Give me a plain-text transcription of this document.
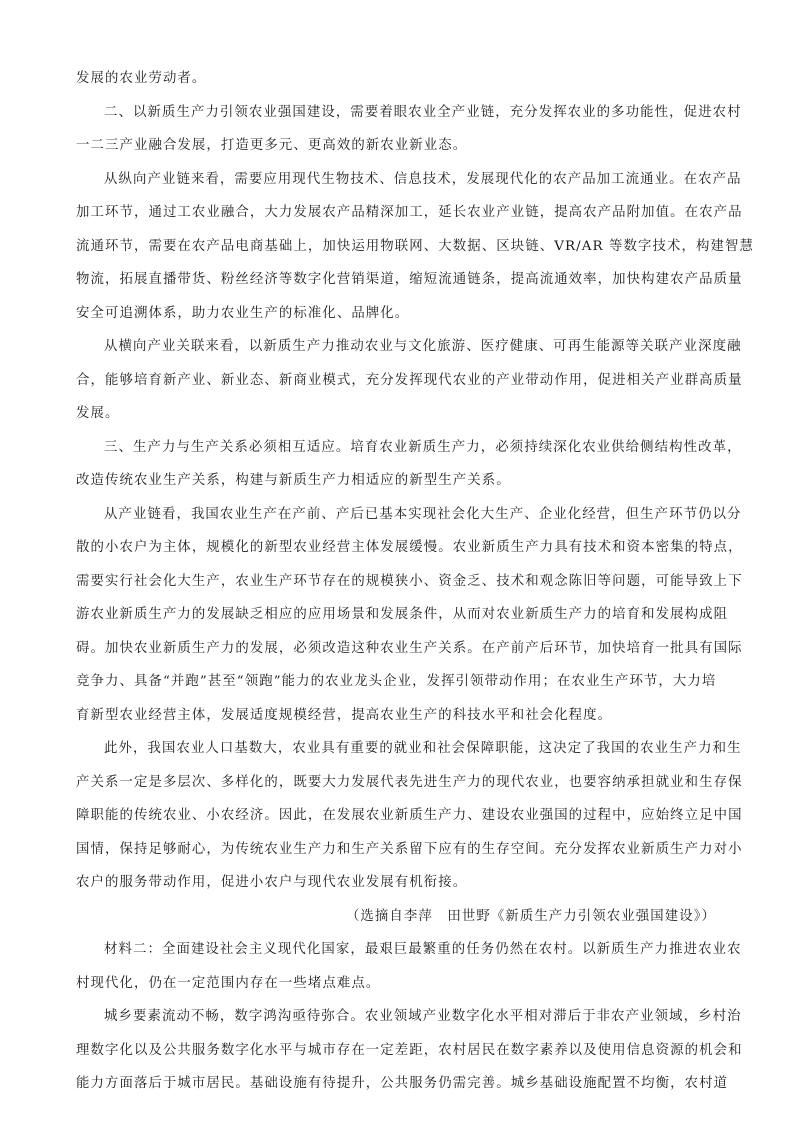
发展的农业劳动者。
二、以新质生产力引领农业强国建设，需要着眼农业全产业链，充分发挥农业的多功能性，促进农村
一二三产业融合发展，打造更多元、更高效的新农业新业态。
从纵向产业链来看，需要应用现代生物技术、信息技术，发展现代化的农产品加工流通业。在农产品
加工环节，通过工农业融合，大力发展农产品精深加工，延长农业产业链，提高农产品附加值。在农产品
流通环节，需要在农产品电商基础上，加快运用物联网、大数据、区块链、VR/AR 等数字技术，构建智慧
物流，拓展直播带货、粉丝经济等数字化营销渠道，缩短流通链条，提高流通效率，加快构建农产品质量
安全可追溯体系，助力农业生产的标准化、品牌化。
从横向产业关联来看，以新质生产力推动农业与文化旅游、医疗健康、可再生能源等关联产业深度融
合，能够培育新产业、新业态、新商业模式，充分发挥现代农业的产业带动作用，促进相关产业群高质量
发展。
三、生产力与生产关系必须相互适应。培育农业新质生产力，必须持续深化农业供给侧结构性改革，
改造传统农业生产关系，构建与新质生产力相适应的新型生产关系。
从产业链看，我国农业生产在产前、产后已基本实现社会化大生产、企业化经营，但生产环节仍以分
散的小农户为主体，规模化的新型农业经营主体发展缓慢。农业新质生产力具有技术和资本密集的特点，
需要实行社会化大生产，农业生产环节存在的规模狭小、资金乏、技术和观念陈旧等问题，可能导致上下
游农业新质生产力的发展缺乏相应的应用场景和发展条件，从而对农业新质生产力的培育和发展构成阻
碍。加快农业新质生产力的发展，必须改造这种农业生产关系。在产前产后环节，加快培育一批具有国际
竞争力、具备“并跑”甚至“领跑”能力的农业龙头企业，发挥引领带动作用；在农业生产环节，大力培
育新型农业经营主体，发展适度规模经营，提高农业生产的科技水平和社会化程度。
此外，我国农业人口基数大，农业具有重要的就业和社会保障职能，这决定了我国的农业生产力和生
产关系一定是多层次、多样化的，既要大力发展代表先进生产力的现代农业，也要容纳承担就业和生存保
障职能的传统农业、小农经济。因此，在发展农业新质生产力、建设农业强国的过程中，应始终立足中国
国情，保持足够耐心，为传统农业生产力和生产关系留下应有的生存空间。充分发挥农业新质生产力对小
农户的服务带动作用，促进小农户与现代农业发展有机衔接。
（选摘自李萍　田世野《新质生产力引领农业强国建设》）
材料二：全面建设社会主义现代化国家，最艰巨最繁重的任务仍然在农村。以新质生产力推进农业农
村现代化，仍在一定范围内存在一些堵点难点。
城乡要素流动不畅，数字鸿沟亟待弥合。农业领域产业数字化水平相对滞后于非农产业领域，乡村治
理数字化以及公共服务数字化水平与城市存在一定差距，农村居民在数字素养以及使用信息资源的机会和
能力方面落后于城市居民。基础设施有待提升，公共服务仍需完善。城乡基础设施配置不均衡，农村道
